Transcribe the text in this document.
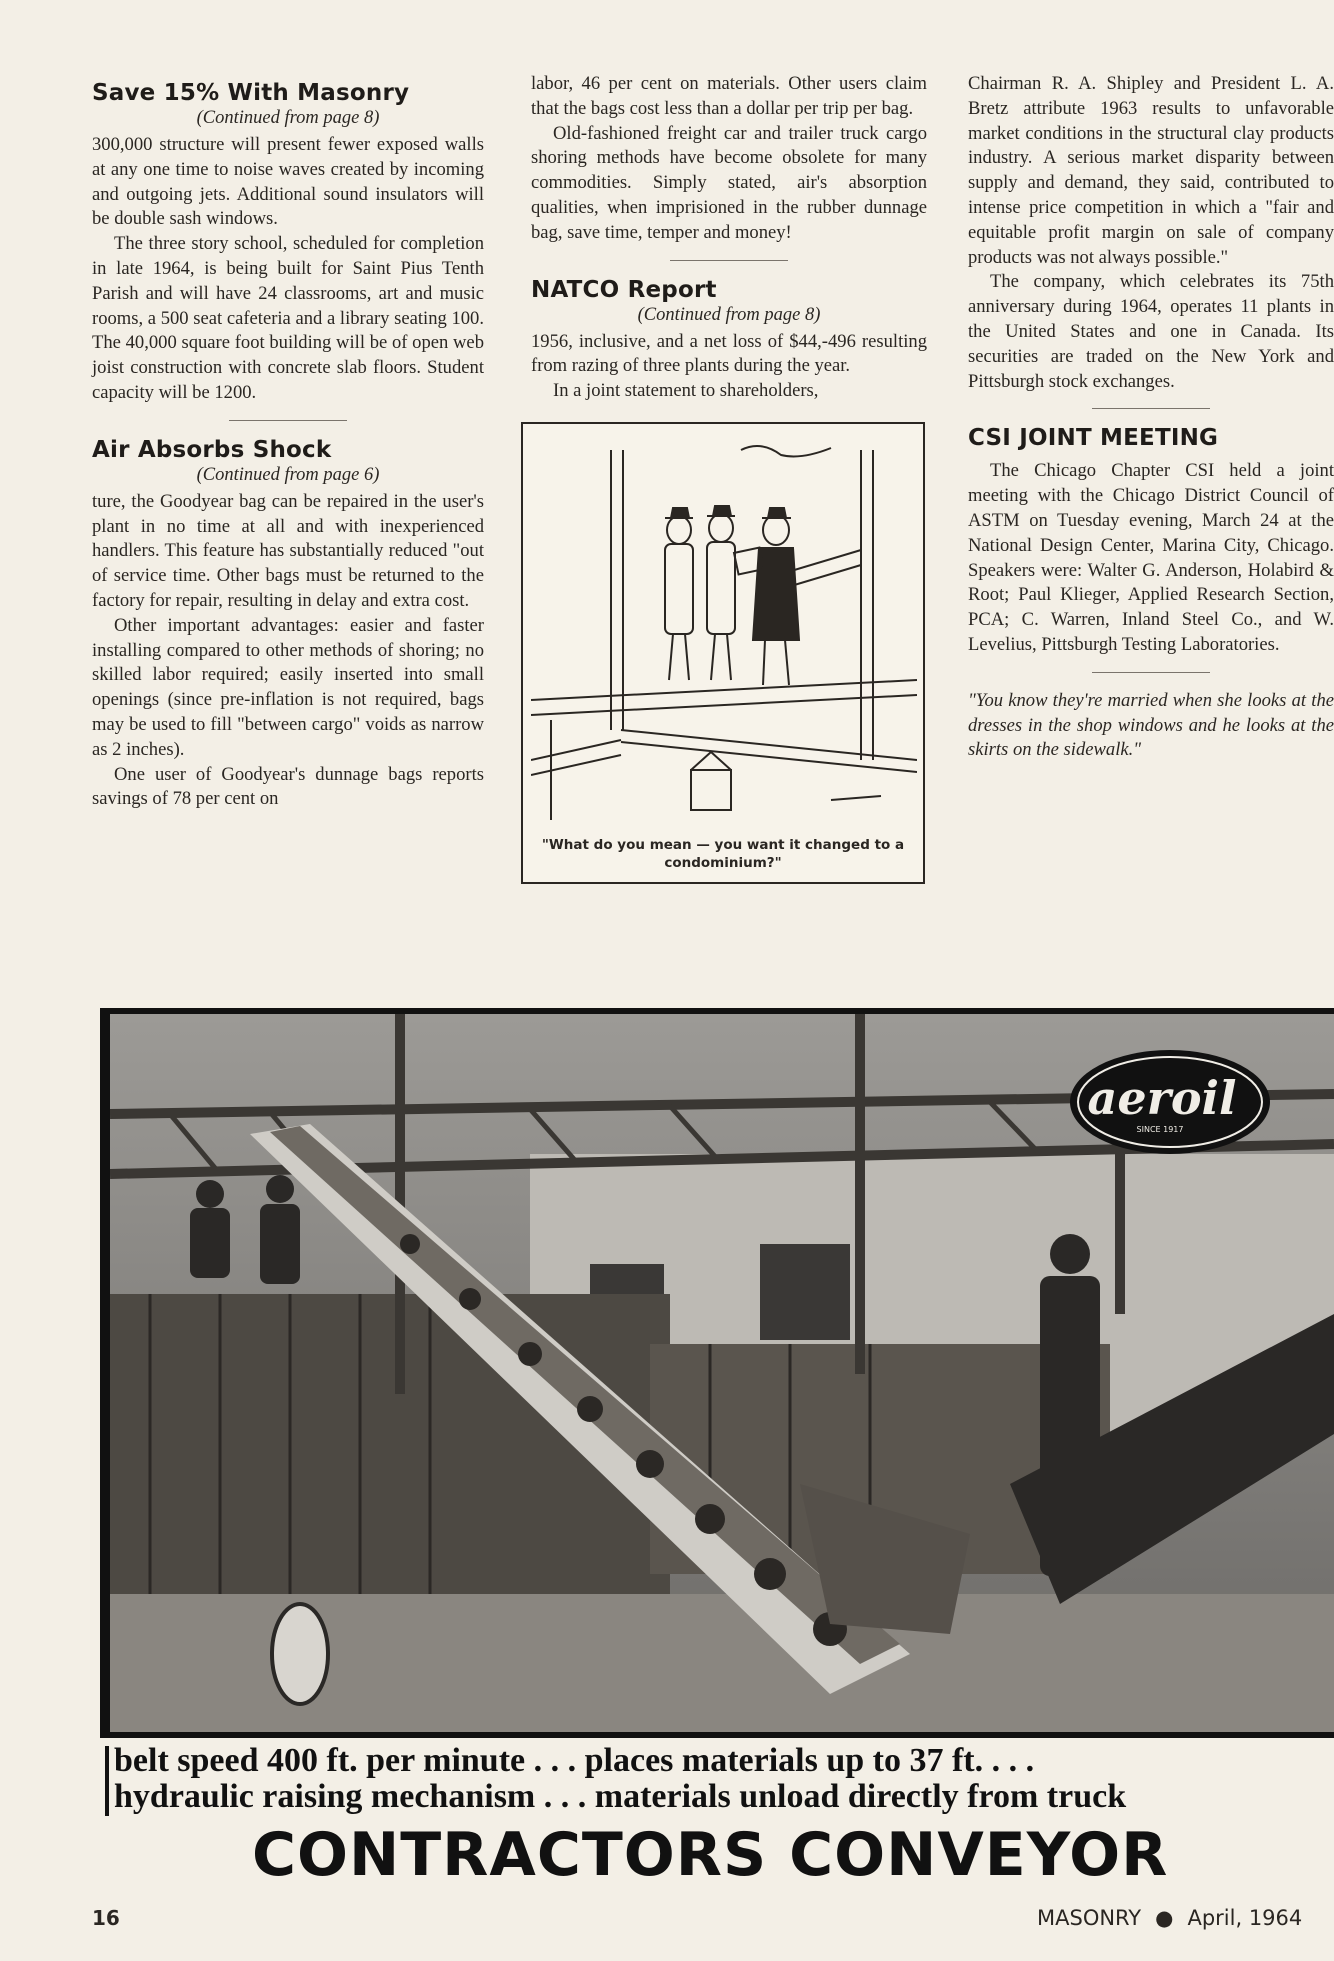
Save 15% With Masonry
(Continued from page 8)

300,000 structure will present fewer exposed walls at any one time to noise waves created by incoming and outgoing jets. Additional sound insulators will be double sash windows.

The three story school, scheduled for completion in late 1964, is being built for Saint Pius Tenth Parish and will have 24 classrooms, art and music rooms, a 500 seat cafeteria and a library seating 100. The 40,000 square foot building will be of open web joist construction with concrete slab floors. Student capacity will be 1200.

Air Absorbs Shock
(Continued from page 6)

ture, the Goodyear bag can be repaired in the user's plant in no time at all and with inexperienced handlers. This feature has substantially reduced "out of service time. Other bags must be returned to the factory for repair, resulting in delay and extra cost.

Other important advantages: easier and faster installing compared to other methods of shoring; no skilled labor required; easily inserted into small openings (since pre-inflation is not required, bags may be used to fill "between cargo" voids as narrow as 2 inches).

One user of Goodyear's dunnage bags reports savings of 78 per cent on

labor, 46 per cent on materials. Other users claim that the bags cost less than a dollar per trip per bag.

Old-fashioned freight car and trailer truck cargo shoring methods have become obsolete for many commodities. Simply stated, air's absorption qualities, when imprisioned in the rubber dunnage bag, save time, temper and money!

NATCO Report
(Continued from page 8)

1956, inclusive, and a net loss of $44,-496 resulting from razing of three plants during the year.

In a joint statement to shareholders,

"What do you mean — you want it changed to a condominium?"

Chairman R. A. Shipley and President L. A. Bretz attribute 1963 results to unfavorable market conditions in the structural clay products industry. A serious market disparity between supply and demand, they said, contributed to intense price competition in which a "fair and equitable profit margin on sale of company products was not always possible."

The company, which celebrates its 75th anniversary during 1964, operates 11 plants in the United States and one in Canada. Its securities are traded on the New York and Pittsburgh stock exchanges.

CSI JOINT MEETING

The Chicago Chapter CSI held a joint meeting with the Chicago District Council of ASTM on Tuesday evening, March 24 at the National Design Center, Marina City, Chicago. Speakers were: Walter G. Anderson, Holabird & Root; Paul Klieger, Applied Research Section, PCA; C. Warren, Inland Steel Co., and W. Levelius, Pittsburgh Testing Laboratories.

"You know they're married when she looks at the dresses in the shop windows and he looks at the skirts on the sidewalk."

aeroil
SINCE 1917
belt speed 400 ft. per minute . . . places materials up to 37 ft. . . .
hydraulic raising mechanism . . . materials unload directly from truck
CONTRACTORS CONVEYOR
16	MASONRY ● April, 1964
